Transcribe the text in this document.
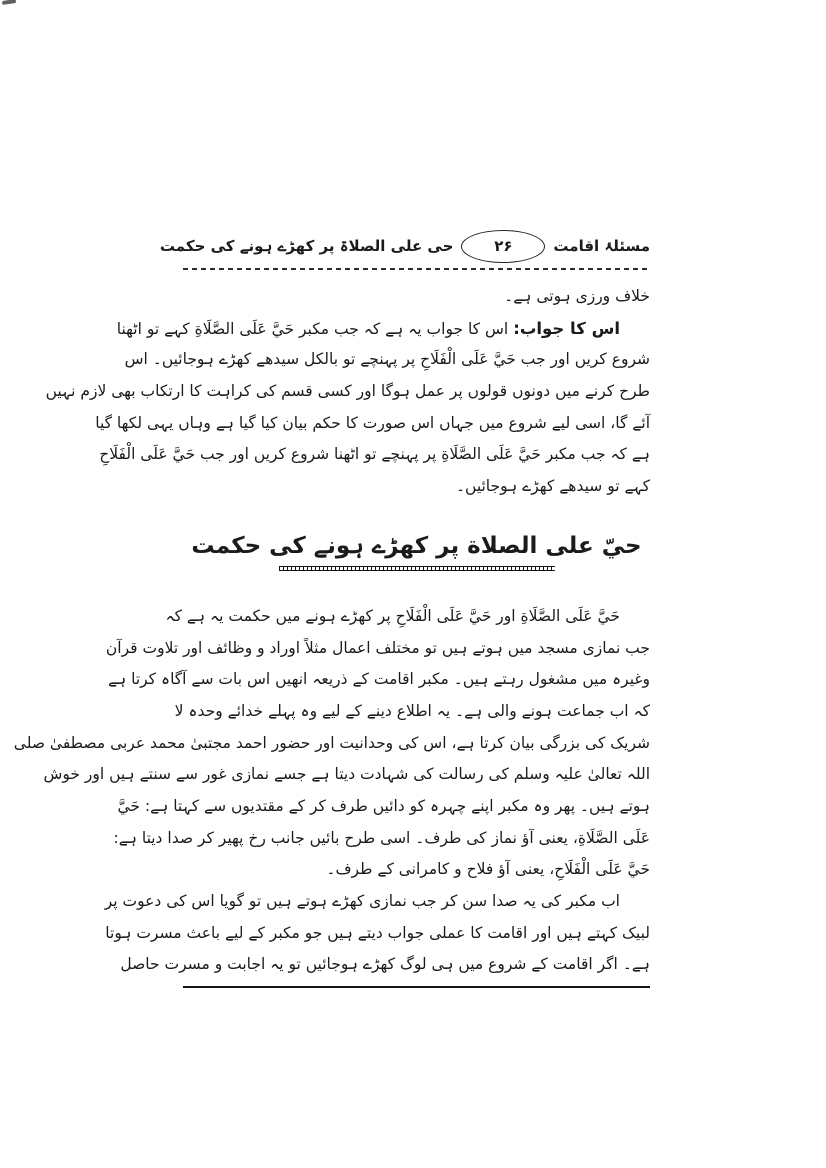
مسئلۂ اقامت
۲۶
حی علی الصلاۃ پر کھڑے ہونے کی حکمت
خلاف ورزی ہوتی ہے۔
اس کا جواب:اس کا جواب یہ ہے کہ جب مکبر حَيَّ عَلَى الصَّلَاةِ کہے تو اٹھنا
شروع کریں اور جب حَيَّ عَلَى الْفَلَاحِ پر پہنچے تو بالکل سیدھے کھڑے ہوجائیں۔ اس
طرح کرنے میں دونوں قولوں پر عمل ہوگا اور کسی قسم کی کراہت کا ارتکاب بھی لازم نہیں
آئے گا، اسی لیے شروع میں جہاں اس صورت کا حکم بیان کیا گیا ہے وہاں یہی لکھا گیا
ہے کہ جب مکبر حَيَّ عَلَى الصَّلَاةِ پر پہنچے تو اٹھنا شروع کریں اور جب حَيَّ عَلَى الْفَلَاحِ
کہے تو سیدھے کھڑے ہوجائیں۔
حيّ على الصلاة پر کھڑے ہونے کی حکمت
حَيَّ عَلَى الصَّلَاةِ اور حَيَّ عَلَى الْفَلَاحِ پر کھڑے ہونے میں حکمت یہ ہے کہ
جب نمازی مسجد میں ہوتے ہیں تو مختلف اعمال مثلاً اوراد و وظائف اور تلاوت قرآن
وغیرہ میں مشغول رہتے ہیں۔ مکبر اقامت کے ذریعہ انھیں اس بات سے آگاہ کرتا ہے
کہ اب جماعت ہونے والی ہے۔ یہ اطلاع دینے کے لیے وہ پہلے خدائے وحدہ لا
شریک کی بزرگی بیان کرتا ہے، اس کی وحدانیت اور حضور احمد مجتبیٰ محمد عربی مصطفیٰ صلی
اللہ تعالیٰ علیہ وسلم کی رسالت کی شہادت دیتا ہے جسے نمازی غور سے سنتے ہیں اور خوش
ہوتے ہیں۔ پھر وہ مکبر اپنے چہرہ کو دائیں طرف کر کے مقتدیوں سے کہتا ہے: حَيَّ
عَلَى الصَّلَاةِ، یعنی آؤ نماز کی طرف۔ اسی طرح بائیں جانب رخ پھیر کر صدا دیتا ہے:
حَيَّ عَلَى الْفَلَاحِ، یعنی آؤ فلاح و کامرانی کے طرف۔
اب مکبر کی یہ صدا سن کر جب نمازی کھڑے ہوتے ہیں تو گویا اس کی دعوت پر
لبیک کہتے ہیں اور اقامت کا عملی جواب دیتے ہیں جو مکبر کے لیے باعث مسرت ہوتا
ہے۔ اگر اقامت کے شروع میں ہی لوگ کھڑے ہوجائیں تو یہ اجابت و مسرت حاصل
